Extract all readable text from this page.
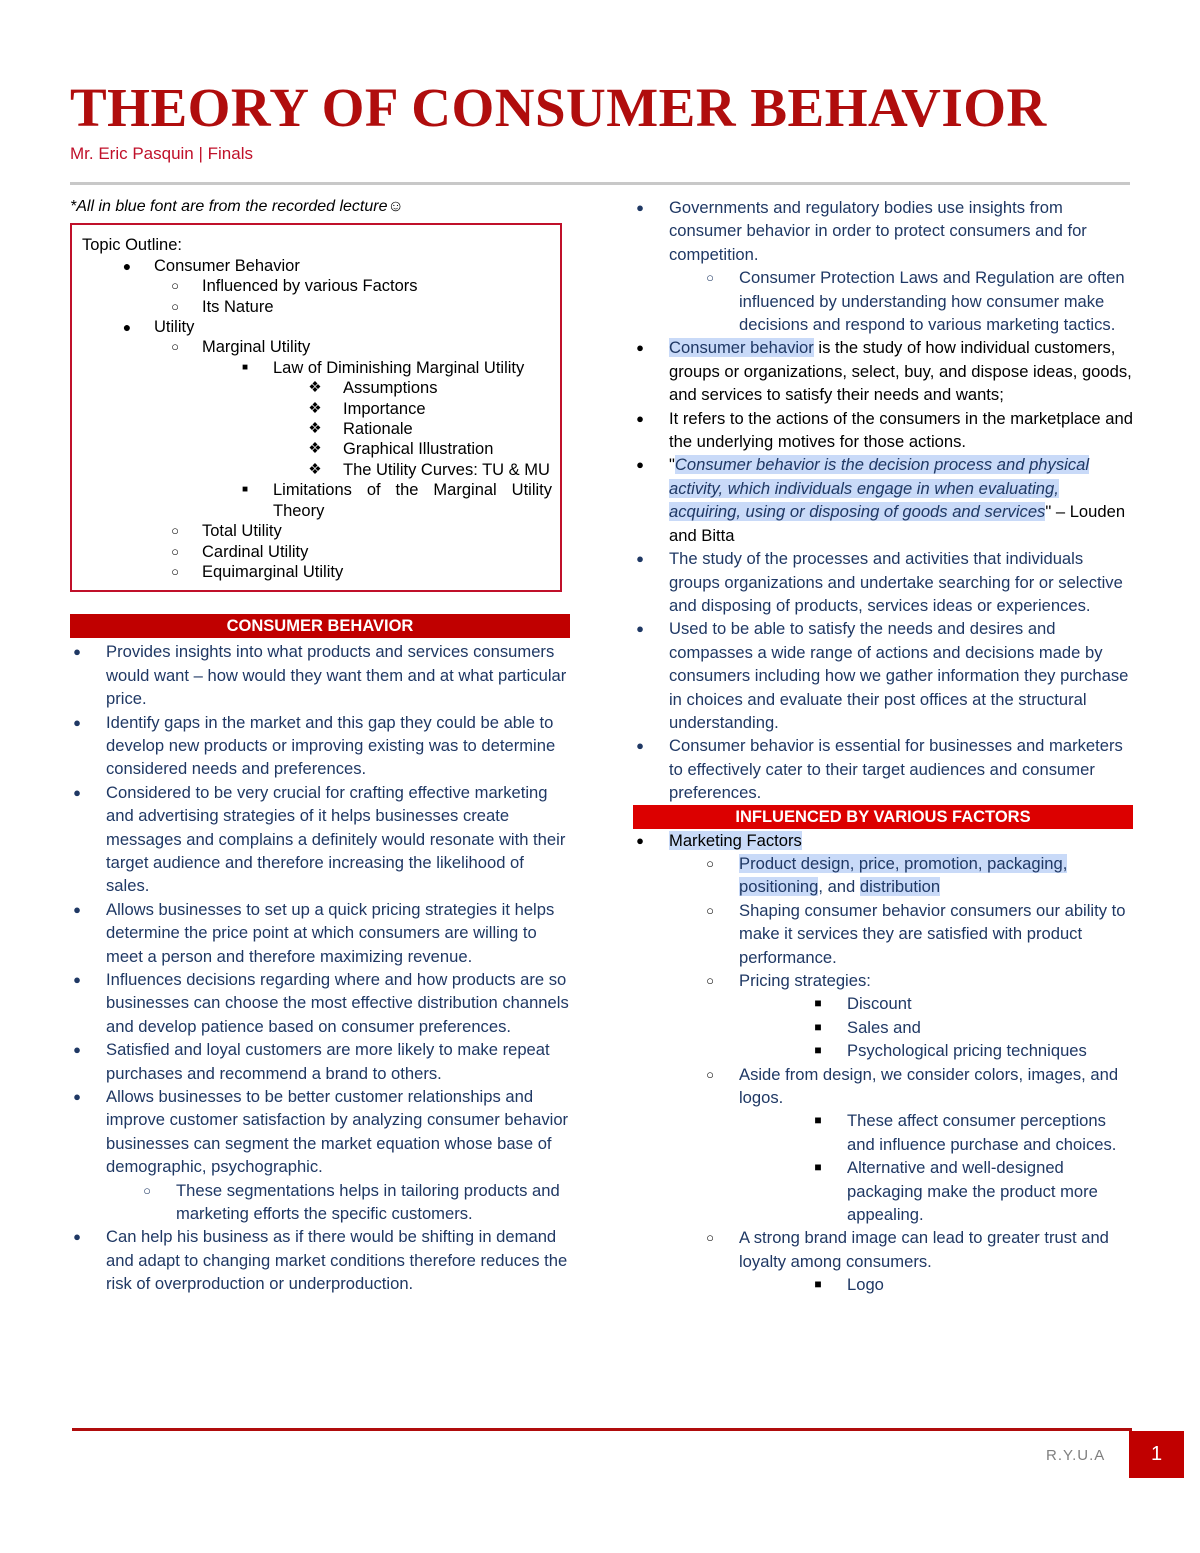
THEORY OF CONSUMER BEHAVIOR
Mr. Eric Pasquin | Finals
*All in blue font are from the recorded lecture☺
Topic Outline:
● Consumer Behavior
○ Influenced by various Factors
○ Its Nature
● Utility
○ Marginal Utility
■ Law of Diminishing Marginal Utility
❖ Assumptions
❖ Importance
❖ Rationale
❖ Graphical Illustration
❖ The Utility Curves: TU & MU
■ Limitations of the Marginal Utility Theory
○ Total Utility
○ Cardinal Utility
○ Equimarginal Utility
CONSUMER BEHAVIOR
● Provides insights into what products and services consumers would want – how would they want them and at what particular price.
● Identify gaps in the market and this gap they could be able to develop new products or improving existing was to determine considered needs and preferences.
● Considered to be very crucial for crafting effective marketing and advertising strategies of it helps businesses create messages and complains a definitely would resonate with their target audience and therefore increasing the likelihood of sales.
● Allows businesses to set up a quick pricing strategies it helps determine the price point at which consumers are willing to meet a person and therefore maximizing revenue.
● Influences decisions regarding where and how products are so businesses can choose the most effective distribution channels and develop patience based on consumer preferences.
● Satisfied and loyal customers are more likely to make repeat purchases and recommend a brand to others.
● Allows businesses to be better customer relationships and improve customer satisfaction by analyzing consumer behavior businesses can segment the market equation whose base of demographic, psychographic.
○ These segmentations helps in tailoring products and marketing efforts the specific customers.
● Can help his business as if there would be shifting in demand and adapt to changing market conditions therefore reduces the risk of overproduction or underproduction.
● Governments and regulatory bodies use insights from consumer behavior in order to protect consumers and for competition.
○ Consumer Protection Laws and Regulation are often influenced by understanding how consumer make decisions and respond to various marketing tactics.
● Consumer behavior is the study of how individual customers, groups or organizations, select, buy, and dispose ideas, goods, and services to satisfy their needs and wants;
● It refers to the actions of the consumers in the marketplace and the underlying motives for those actions.
● "Consumer behavior is the decision process and physical activity, which individuals engage in when evaluating, acquiring, using or disposing of goods and services" – Louden and Bitta
● The study of the processes and activities that individuals groups organizations and undertake searching for or selective and disposing of products, services ideas or experiences.
● Used to be able to satisfy the needs and desires and compasses a wide range of actions and decisions made by consumers including how we gather information they purchase in choices and evaluate their post offices at the structural understanding.
● Consumer behavior is essential for businesses and marketers to effectively cater to their target audiences and consumer preferences.
INFLUENCED BY VARIOUS FACTORS
● Marketing Factors
○ Product design, price, promotion, packaging, positioning, and distribution
○ Shaping consumer behavior consumers our ability to make it services they are satisfied with product performance.
○ Pricing strategies:
■ Discount
■ Sales and
■ Psychological pricing techniques
○ Aside from design, we consider colors, images, and logos.
■ These affect consumer perceptions and influence purchase and choices.
■ Alternative and well-designed packaging make the product more appealing.
○ A strong brand image can lead to greater trust and loyalty among consumers.
■ Logo
R.Y.U.A	1
